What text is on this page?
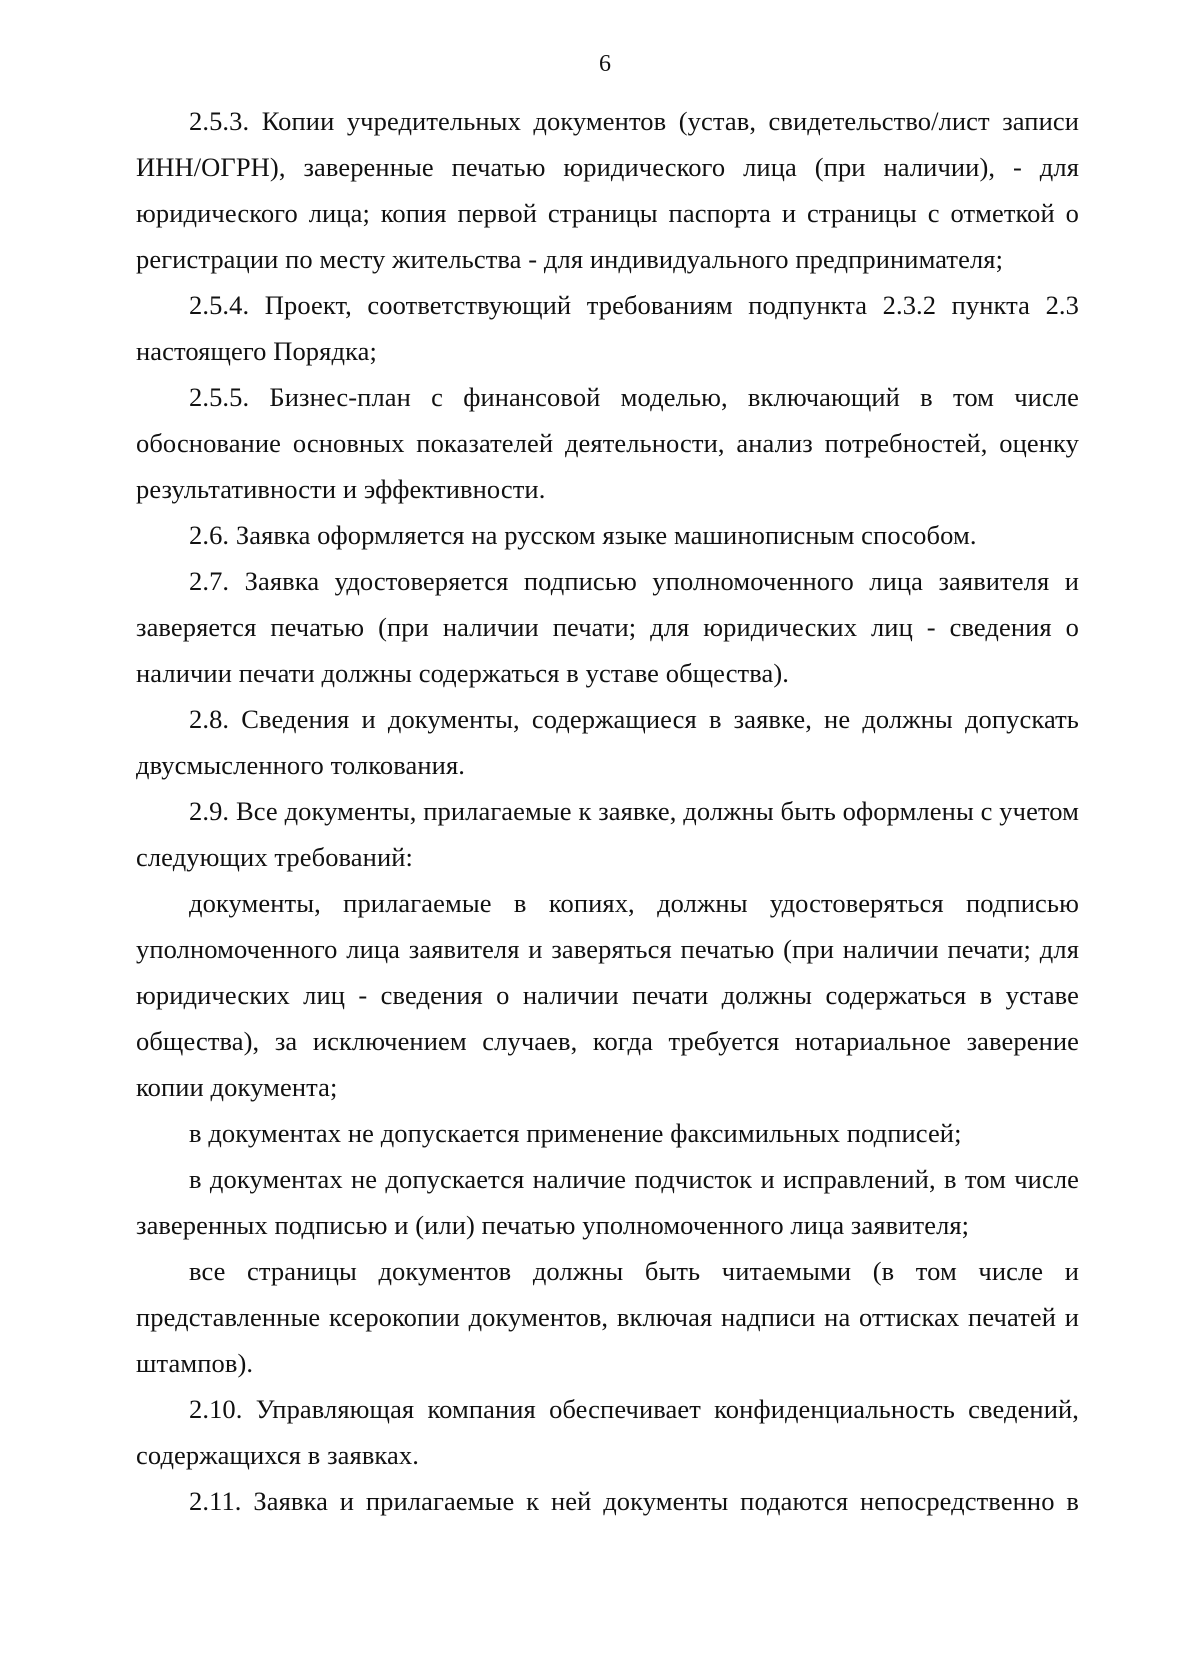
6

2.5.3. Копии учредительных документов (устав, свидетельство/лист записи ИНН/ОГРН), заверенные печатью юридического лица (при наличии), - для юридического лица; копия первой страницы паспорта и страницы с отметкой о регистрации по месту жительства - для индивидуального предпринимателя;

2.5.4. Проект, соответствующий требованиям подпункта 2.3.2 пункта 2.3 настоящего Порядка;

2.5.5. Бизнес-план с финансовой моделью, включающий в том числе обоснование основных показателей деятельности, анализ потребностей, оценку результативности и эффективности.

2.6. Заявка оформляется на русском языке машинописным способом.

2.7. Заявка удостоверяется подписью уполномоченного лица заявителя и заверяется печатью (при наличии печати; для юридических лиц - сведения о наличии печати должны содержаться в уставе общества).

2.8. Сведения и документы, содержащиеся в заявке, не должны допускать двусмысленного толкования.

2.9. Все документы, прилагаемые к заявке, должны быть оформлены с учетом следующих требований:

документы, прилагаемые в копиях, должны удостоверяться подписью уполномоченного лица заявителя и заверяться печатью (при наличии печати; для юридических лиц - сведения о наличии печати должны содержаться в уставе общества), за исключением случаев, когда требуется нотариальное заверение копии документа;

в документах не допускается применение факсимильных подписей;

в документах не допускается наличие подчисток и исправлений, в том числе заверенных подписью и (или) печатью уполномоченного лица заявителя;

все страницы документов должны быть читаемыми (в том числе и представленные ксерокопии документов, включая надписи на оттисках печатей и штампов).

2.10. Управляющая компания обеспечивает конфиденциальность сведений, содержащихся в заявках.

2.11. Заявка и прилагаемые к ней документы подаются непосредственно в
